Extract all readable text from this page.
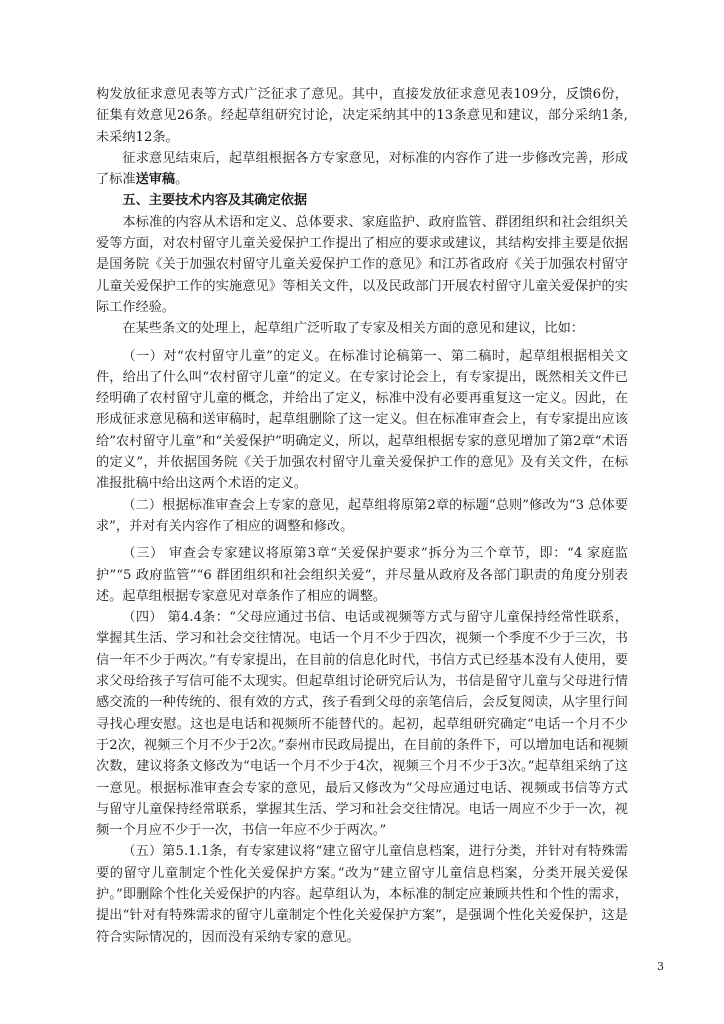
构发放征求意见表等方式广泛征求了意见。其中，直接发放征求意见表109分，反馈6份，征集有效意见26条。经起草组研究讨论，决定采纳其中的13条意见和建议，部分采纳1条,未采纳12条。

征求意见结束后，起草组根据各方专家意见，对标准的内容作了进一步修改完善，形成了标准送审稿。

五、主要技术内容及其确定依据

本标准的内容从术语和定义、总体要求、家庭监护、政府监管、群团组织和社会组织关爱等方面，对农村留守儿童关爱保护工作提出了相应的要求或建议，其结构安排主要是依据是国务院《关于加强农村留守儿童关爱保护工作的意见》和江苏省政府《关于加强农村留守儿童关爱保护工作的实施意见》等相关文件，以及民政部门开展农村留守儿童关爱保护的实际工作经验。

在某些条文的处理上，起草组广泛听取了专家及相关方面的意见和建议，比如：

（一）对“农村留守儿童”的定义。在标准讨论稿第一、第二稿时，起草组根据相关文件，给出了什么叫“农村留守儿童”的定义。在专家讨论会上，有专家提出，既然相关文件已经明确了农村留守儿童的概念，并给出了定义，标准中没有必要再重复这一定义。因此，在形成征求意见稿和送审稿时，起草组删除了这一定义。但在标准审查会上，有专家提出应该给”农村留守儿童”和“关爱保护”明确定义，所以，起草组根据专家的意见增加了第2章“术语的定义”，并依据国务院《关于加强农村留守儿童关爱保护工作的意见》及有关文件，在标准报批稿中给出这两个术语的定义。

（二）根据标准审查会上专家的意见，起草组将原第2章的标题“总则”修改为“3 总体要求”，并对有关内容作了相应的调整和修改。

（三） 审查会专家建议将原第3章“关爱保护要求”拆分为三个章节，即：“4 家庭监护”“5 政府监管”“6 群团组织和社会组织关爱”，并尽量从政府及各部门职责的角度分别表述。起草组根据专家意见对章条作了相应的调整。

（四） 第4.4条：“父母应通过书信、电话或视频等方式与留守儿童保持经常性联系，掌握其生活、学习和社会交往情况。电话一个月不少于四次，视频一个季度不少于三次，书信一年不少于两次。”有专家提出，在目前的信息化时代，书信方式已经基本没有人使用，要求父母给孩子写信可能不太现实。但起草组讨论研究后认为，书信是留守儿童与父母进行情感交流的一种传统的、很有效的方式，孩子看到父母的亲笔信后，会反复阅读，从字里行间寻找心理安慰。这也是电话和视频所不能替代的。起初，起草组研究确定“电话一个月不少于2次，视频三个月不少于2次。”泰州市民政局提出，在目前的条件下，可以增加电话和视频次数，建议将条文修改为“电话一个月不少于4次，视频三个月不少于3次。”起草组采纳了这一意见。根据标准审查会专家的意见，最后又修改为“父母应通过电话、视频或书信等方式与留守儿童保持经常联系，掌握其生活、学习和社会交往情况。电话一周应不少于一次，视频一个月应不少于一次，书信一年应不少于两次。”

（五）第5.1.1条，有专家建议将“建立留守儿童信息档案，进行分类，并针对有特殊需要的留守儿童制定个性化关爱保护方案。”改为“建立留守儿童信息档案，分类开展关爱保护。”即删除个性化关爱保护的内容。起草组认为，本标准的制定应兼顾共性和个性的需求，提出“针对有特殊需求的留守儿童制定个性化关爱保护方案”，是强调个性化关爱保护，这是符合实际情况的，因而没有采纳专家的意见。

3
